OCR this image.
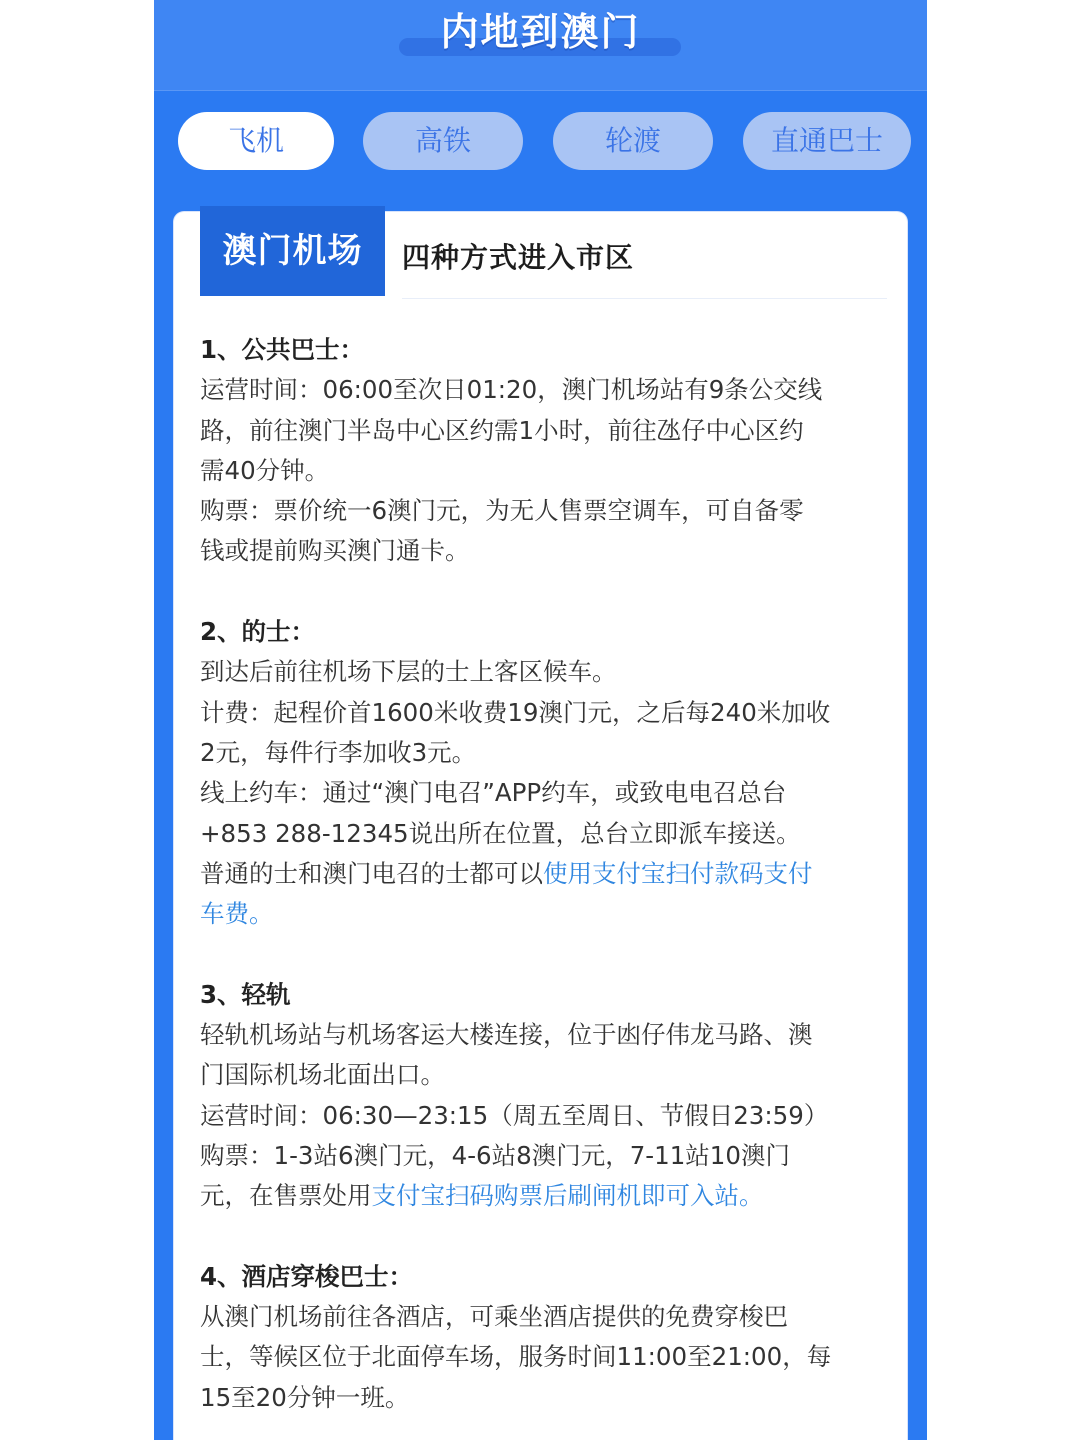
内地到澳门
飞机	高铁	轮渡	直通巴士
澳门机场	四种方式进入市区

1、公共巴士：

运营时间：06:00至次日01:20，澳门机场站有9条公交线

路，前往澳门半岛中心区约需1小时，前往氹仔中心区约

需40分钟。

购票：票价统一6澳门元，为无人售票空调车，可自备零

钱或提前购买澳门通卡。

2、的士：

到达后前往机场下层的士上客区候车。

计费：起程价首1600米收费19澳门元，之后每240米加收

2元，每件行李加收3元。

线上约车：通过“澳门电召”APP约车，或致电电召总台

+853 288-12345说出所在位置，总台立即派车接送。

普通的士和澳门电召的士都可以使用支付宝扫付款码支付

车费。

3、轻轨

轻轨机场站与机场客运大楼连接，位于凼仔伟龙马路、澳

门国际机场北面出口。

运营时间：06:30—23:15（周五至周日、节假日23:59）

购票：1-3站6澳门元，4-6站8澳门元，7-11站10澳门

元，在售票处用支付宝扫码购票后刷闸机即可入站。

4、酒店穿梭巴士：

从澳门机场前往各酒店，可乘坐酒店提供的免费穿梭巴

士，等候区位于北面停车场，服务时间11:00至21:00，每

15至20分钟一班。
